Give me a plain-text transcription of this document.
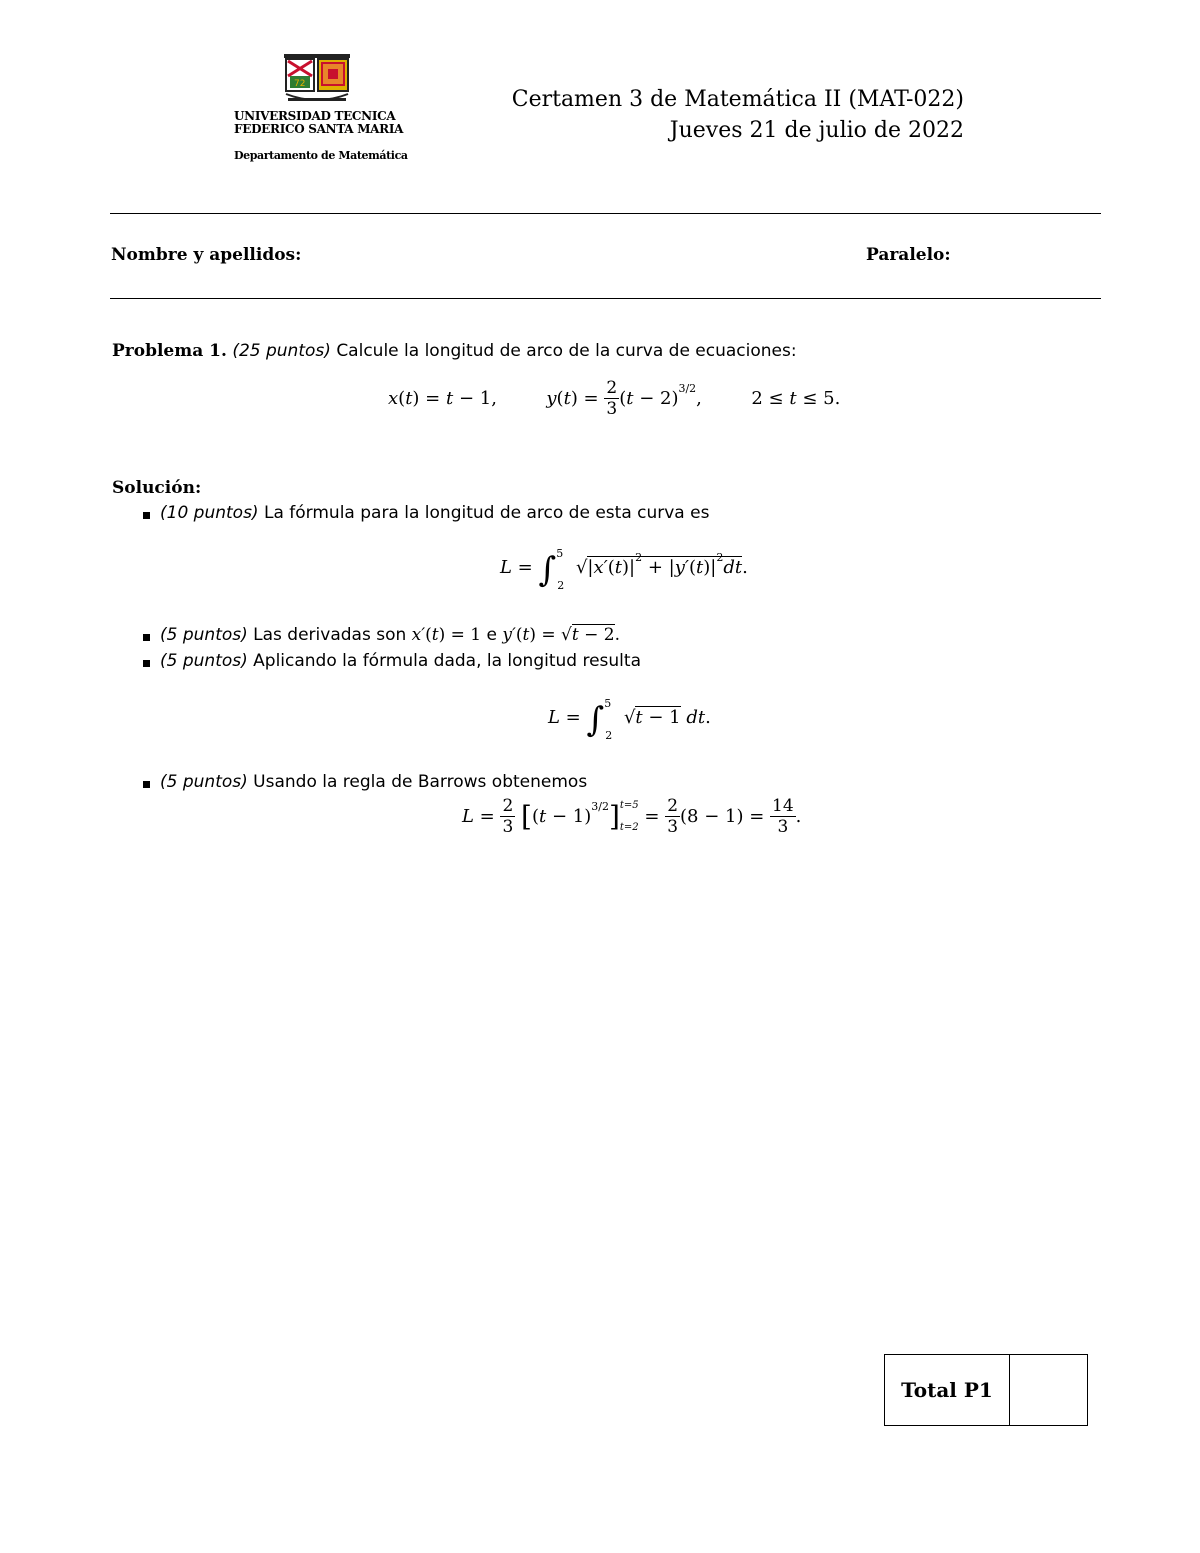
72
UNIVERSIDAD TECNICA
FEDERICO SANTA MARIA
Departamento de Matemática
Certamen 3 de Matemática II (MAT-022)
Jueves 21 de julio de 2022
Nombre y apellidos:	Paralelo:
Problema 1. (25 puntos) Calcule la longitud de arco de la curva de ecuaciones:
x(t) = t − 1,  $y(t) = \frac{2}{3} (t - 2)^{3/2}$,	2 ≤ t ≤ 5.
Solución:
(10 puntos) La fórmula para la longitud de arco de esta curva es
L = ∫$^5_2$ $√|x'(t)|^2 + |y'(t)|^2dt$.
(5 puntos) Las derivadas son x′(t) = 1 e y′(t) = √t − 2.
(5 puntos) Aplicando la fórmula dada, la longitud resulta
L = ∫$^5_2$ √t − 1 dt.
(5 puntos) Usando la regla de Barrows obtenemos
$L = \frac{2}{3} [(t - 1)^{3/2}]$ t=5
t=2
= $\frac{2}{3} (8 - 1) = \frac{14}{3}$ .
Total P1
